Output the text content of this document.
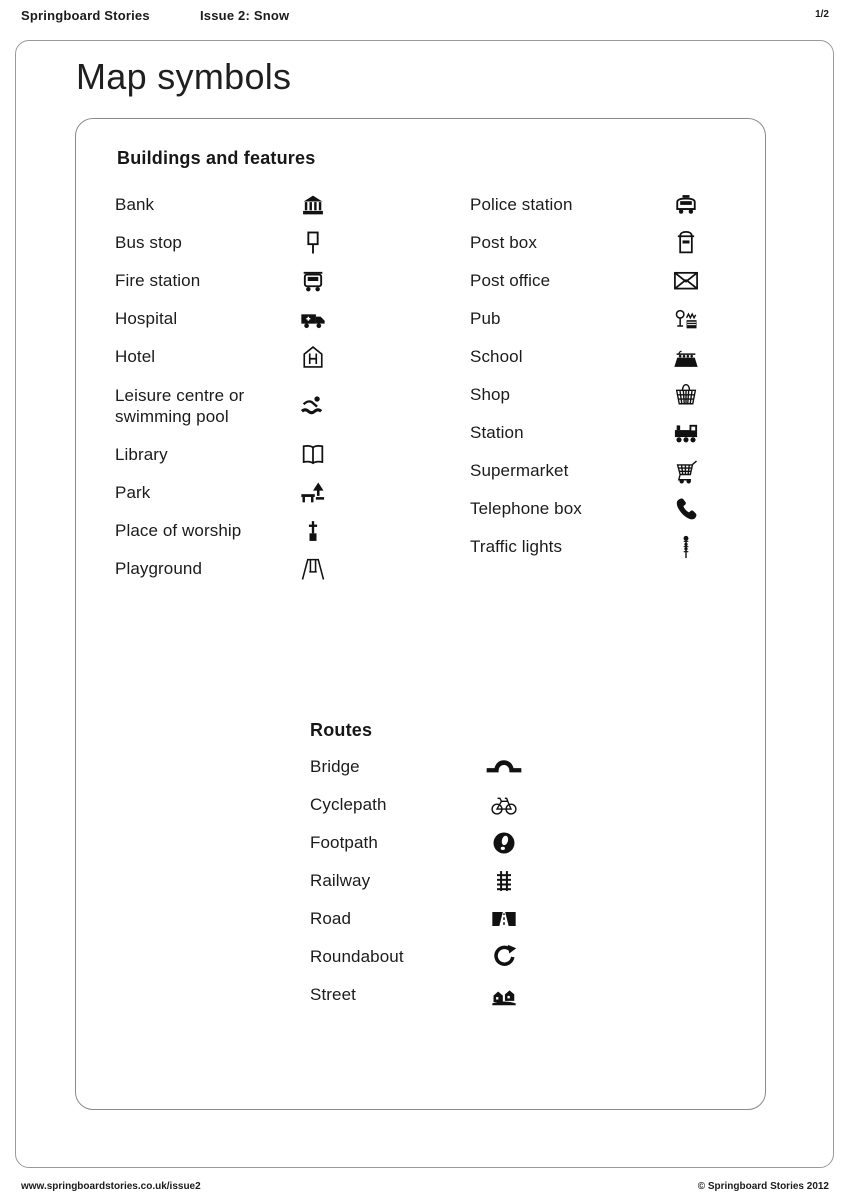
Springboard Stories	Issue 2: Snow	1/2
Map symbols
Buildings and features
Bank
Bus stop
Fire station
Hospital
Hotel
Leisure centre or swimming pool
Library
Park
Place of worship
Playground
Police station
Post box
Post office
Pub
School
Shop
Station
Supermarket
Telephone box
Traffic lights
Routes
Bridge
Cyclepath
Footpath
Railway
Road
Roundabout
Street
www.springboardstories.co.uk/issue2	© Springboard Stories 2012
